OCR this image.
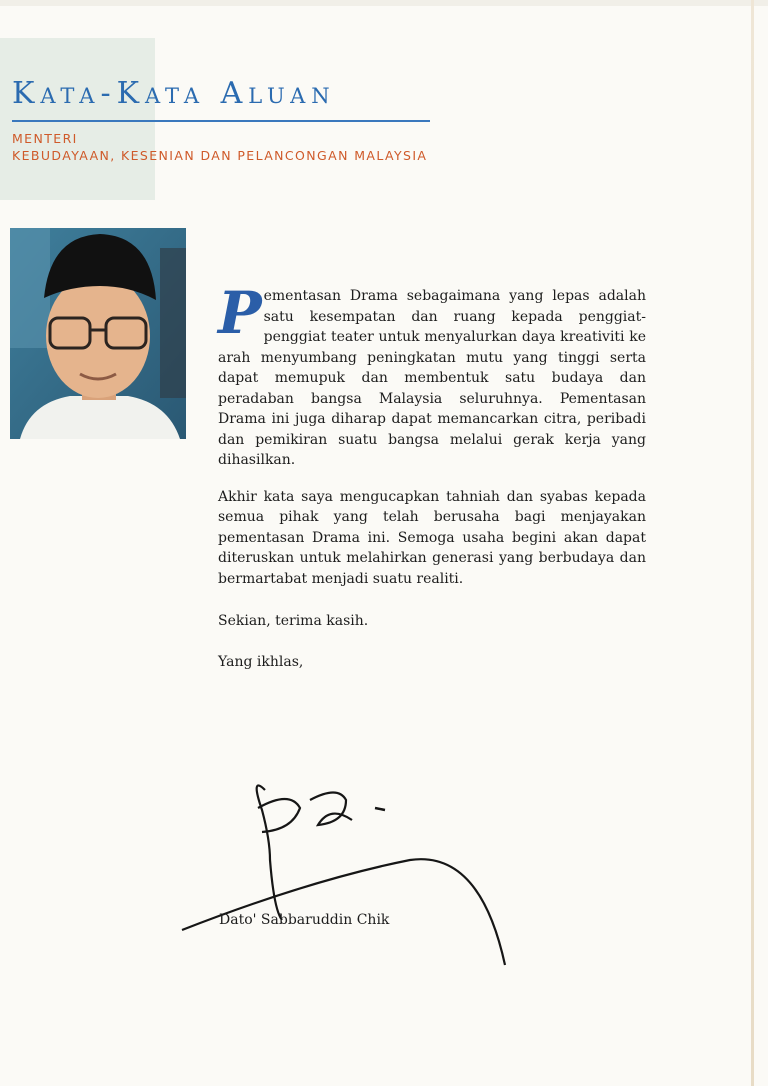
Kata-Kata Aluan
MENTERI
KEBUDAYAAN, KESENIAN DAN PELANCONGAN MALAYSIA

Pementasan Drama sebagaimana yang lepas adalah satu kesempatan dan ruang kepada penggiat-penggiat teater untuk menyalurkan daya kreativiti ke arah menyumbang peningkatan mutu yang tinggi serta dapat memupuk dan membentuk satu budaya dan peradaban bangsa Malaysia seluruhnya. Pementasan Drama ini juga diharap dapat memancarkan citra, peribadi dan pemikiran suatu bangsa melalui gerak kerja yang dihasilkan.

Akhir kata saya mengucapkan tahniah dan syabas kepada semua pihak yang telah berusaha bagi menjayakan pementasan Drama ini. Semoga usaha begini akan dapat diteruskan untuk melahirkan generasi yang berbudaya dan bermartabat menjadi suatu realiti.

Sekian, terima kasih.
Yang ikhlas,
Dato' Sabbaruddin Chik
